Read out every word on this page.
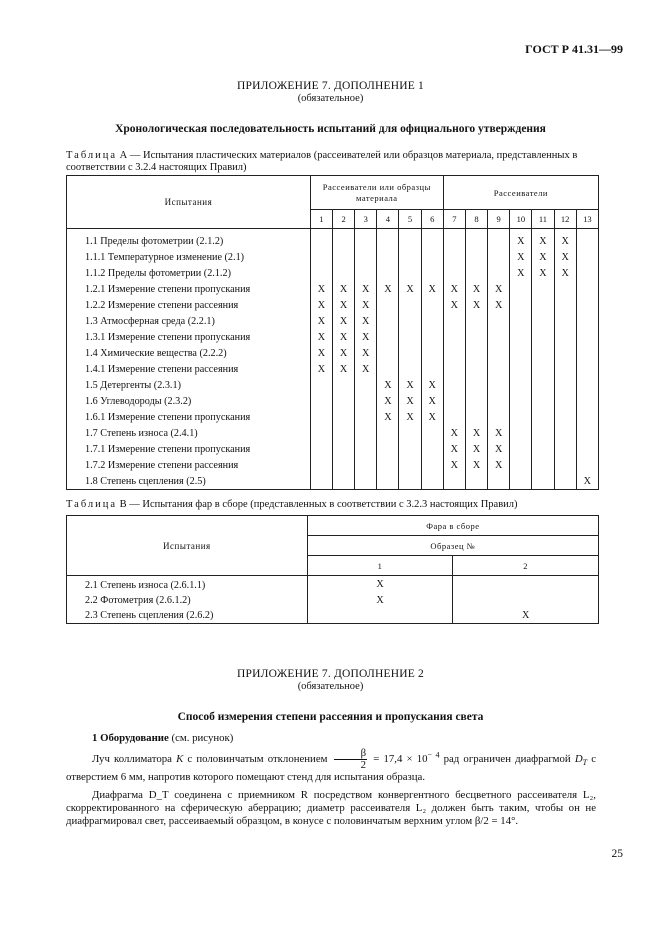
ГОСТ Р 41.31—99
ПРИЛОЖЕНИЕ 7. ДОПОЛНЕНИЕ 1
(обязательное)
Хронологическая последовательность испытаний для официального утверждения
Таблица А — Испытания пластических материалов (рассеивателей или образцов материала, представленных в соответствии с 3.2.4 настоящих Правил)
Испытания	Рассеиватели или образцы материала						Рассеиватели						
	1	2	3	4	5	6	7	8	9	10	11	12	13
1.1 Пределы фотометрии (2.1.2)										X	X	X	
1.1.1 Температурное изменение (2.1)										X	X	X	
1.1.2 Пределы фотометрии (2.1.2)										X	X	X	
1.2.1 Измерение степени пропускания	X	X	X	X	X	X	X	X	X				
1.2.2 Измерение степени рассеяния	X	X	X				X	X	X				
1.3 Атмосферная среда (2.2.1)	X	X	X										
1.3.1 Измерение степени пропускания	X	X	X										
1.4 Химические вещества (2.2.2)	X	X	X										
1.4.1 Измерение степени рассеяния	X	X	X										
1.5 Детергенты (2.3.1)				X	X	X							
1.6 Углеводороды (2.3.2)				X	X	X							
1.6.1 Измерение степени пропускания				X	X	X							
1.7 Степень износа (2.4.1)							X	X	X				
1.7.1 Измерение степени пропускания							X	X	X				
1.7.2 Измерение степени рассеяния							X	X	X				
1.8 Степень сцепления (2.5)													X
Таблица В — Испытания фар в сборе (представленных в соответствии с 3.2.3 настоящих Правил)
Испытания	Фара в сборе	
	Образец №	
	1	2
2.1 Степень износа (2.6.1.1)	X	
2.2 Фотометрия (2.6.1.2)	X	
2.3 Степень сцепления (2.6.2)		X
ПРИЛОЖЕНИЕ 7. ДОПОЛНЕНИЕ 2
(обязательное)
Способ измерения степени рассеяния и пропускания света
1 Оборудование (см. рисунок)
Луч коллиматора K с половинчатым отклонением $\frac{\beta}{2} = 17,4 \times 10^{- 4}$ рад ограничен диафрагмой $D_T$ с отверстием 6 мм, напротив которого помещают стенд для испытания образца.
Диафрагма D_T соединена с приемником R посредством конвергентного бесцветного рассеивателя L₂, скорректированного на сферическую аберрацию; диаметр рассеивателя L₂ должен быть таким, чтобы он не диафрагмировал свет, рассеиваемый образцом, в конусе с половинчатым верхним углом β/2 = 14°.
25
